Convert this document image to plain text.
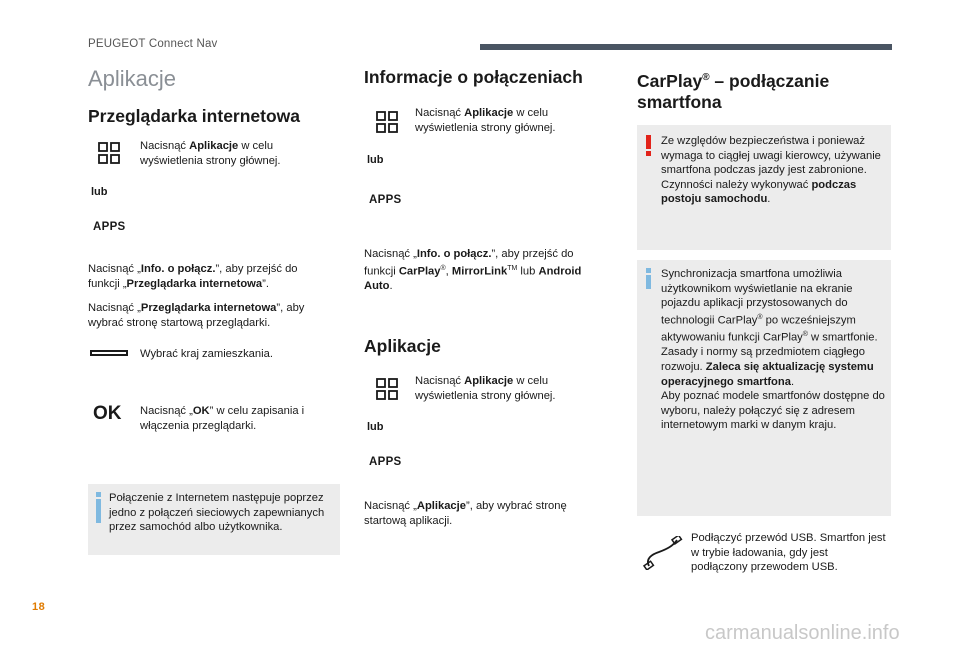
PEUGEOT Connect Nav
Aplikacje
Przeglądarka internetowa
Nacisnąć Aplikacje w celu wyświetlenia strony głównej.
lub
APPS
Nacisnąć „Info. o połącz.”, aby przejść do funkcji „Przeglądarka internetowa”.
Nacisnąć „Przeglądarka internetowa”, aby wybrać stronę startową przeglądarki.
Wybrać kraj zamieszkania.
OK Nacisnąć „OK” w celu zapisania i włączenia przeglądarki.
Połączenie z Internetem następuje poprzez jedno z połączeń sieciowych zapewnianych przez samochód albo użytkownika.
Informacje o połączeniach
Nacisnąć Aplikacje w celu wyświetlenia strony głównej.
lub
APPS
Nacisnąć „Info. o połącz.”, aby przejść do funkcji CarPlay®, MirrorLink™ lub Android Auto.
Aplikacje
Nacisnąć Aplikacje w celu wyświetlenia strony głównej.
lub
APPS
Nacisnąć „Aplikacje”, aby wybrać stronę startową aplikacji.
CarPlay® – podłączanie smartfona
Ze względów bezpieczeństwa i ponieważ wymaga to ciągłej uwagi kierowcy, używanie smartfona podczas jazdy jest zabronione.
Czynności należy wykonywać podczas postoju samochodu.
Synchronizacja smartfona umożliwia użytkownikom wyświetlanie na ekranie pojazdu aplikacji przystosowanych do technologii CarPlay® po wcześniejszym aktywowaniu funkcji CarPlay® w smartfonie.
Zasady i normy są przedmiotem ciągłego rozwoju. Zaleca się aktualizację systemu operacyjnego smartfona.
Aby poznać modele smartfonów dostępne do wyboru, należy połączyć się z adresem internetowym marki w danym kraju.
Podłączyć przewód USB. Smartfon jest w trybie ładowania, gdy jest podłączony przewodem USB.
18
carmanualsonline.info
